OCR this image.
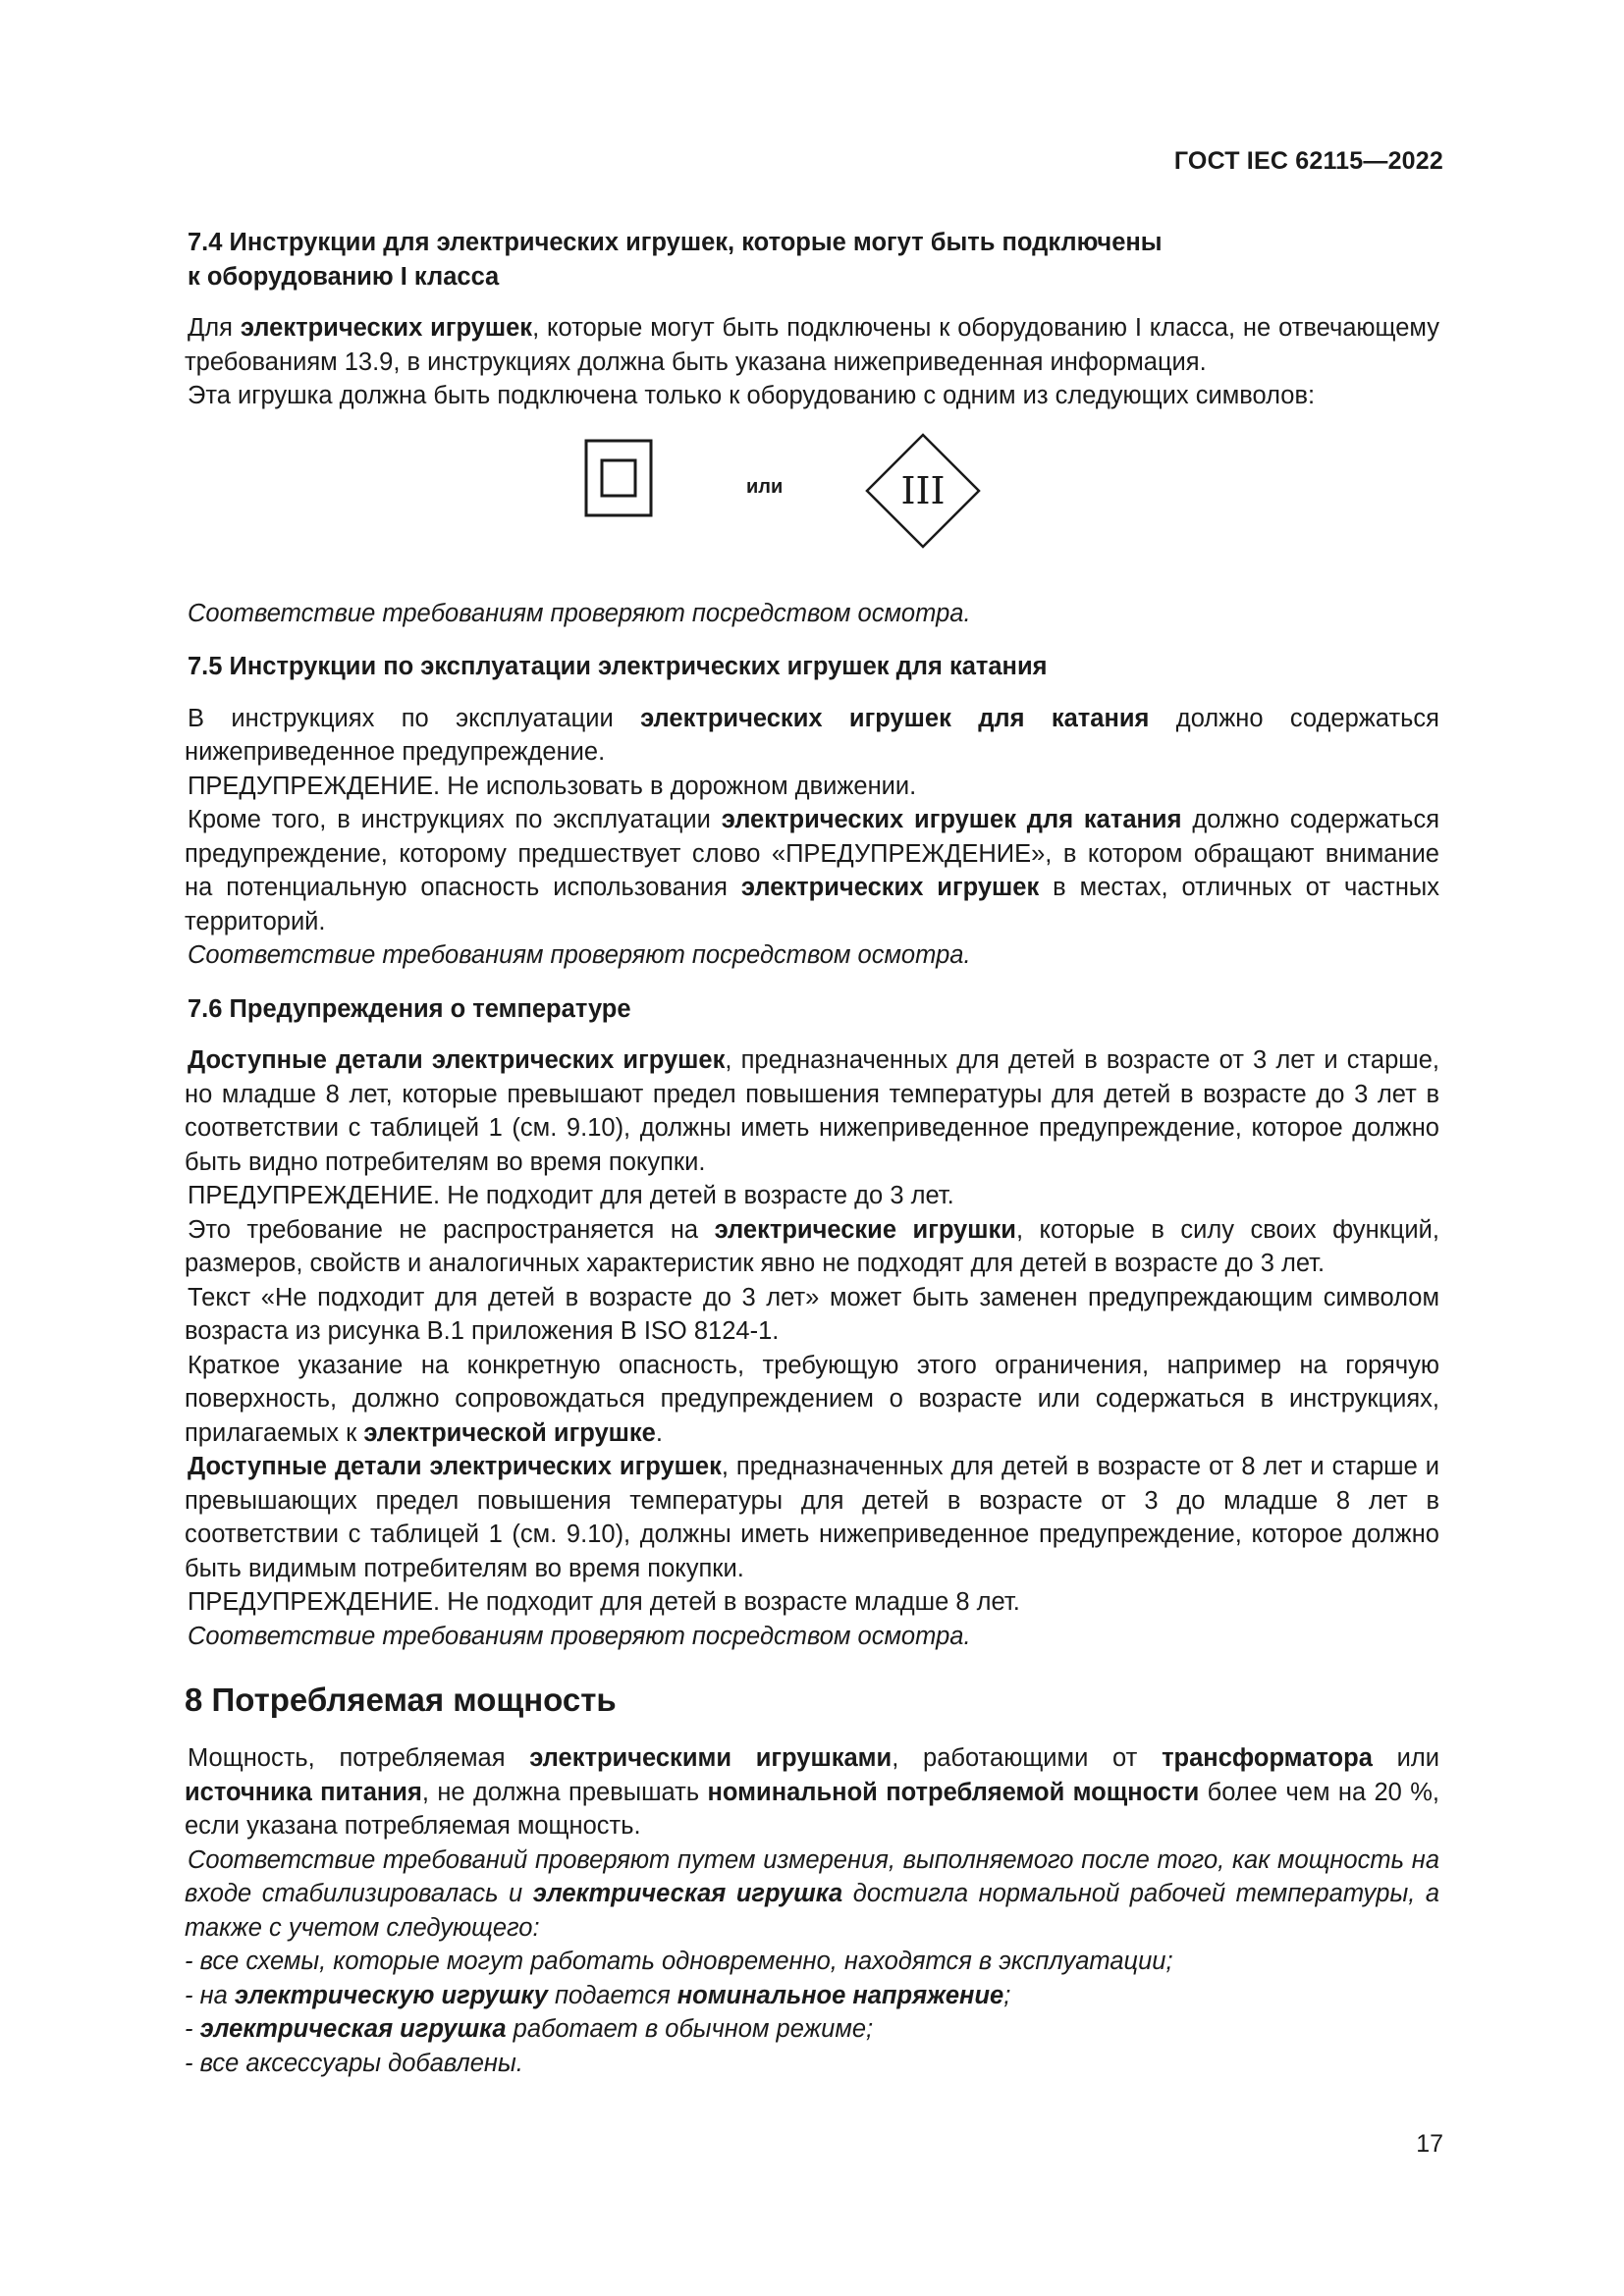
ГОСТ IEC 62115—2022
7.4 Инструкции для электрических игрушек, которые могут быть подключены
к оборудованию I класса

Для электрических игрушек, которые могут быть подключены к оборудованию I класса, не отвечающему требованиям 13.9, в инструкциях должна быть указана нижеприведенная информация.

Эта игрушка должна быть подключена только к оборудованию с одним из следующих символов:

или	III

Соответствие требованиям проверяют посредством осмотра.

7.5 Инструкции по эксплуатации электрических игрушек для катания

В инструкциях по эксплуатации электрических игрушек для катания должно содержаться нижеприведенное предупреждение.

ПРЕДУПРЕЖДЕНИЕ. Не использовать в дорожном движении.

Кроме того, в инструкциях по эксплуатации электрических игрушек для катания должно содержаться предупреждение, которому предшествует слово «ПРЕДУПРЕЖДЕНИЕ», в котором обращают внимание на потенциальную опасность использования электрических игрушек в местах, отличных от частных территорий.

Соответствие требованиям проверяют посредством осмотра.

7.6 Предупреждения о температуре

Доступные детали электрических игрушек, предназначенных для детей в возрасте от 3 лет и старше, но младше 8 лет, которые превышают предел повышения температуры для детей в возрасте до 3 лет в соответствии с таблицей 1 (см. 9.10), должны иметь нижеприведенное предупреждение, которое должно быть видно потребителям во время покупки.

ПРЕДУПРЕЖДЕНИЕ. Не подходит для детей в возрасте до 3 лет.

Это требование не распространяется на электрические игрушки, которые в силу своих функций, размеров, свойств и аналогичных характеристик явно не подходят для детей в возрасте до 3 лет.

Текст «Не подходит для детей в возрасте до 3 лет» может быть заменен предупреждающим символом возраста из рисунка B.1 приложения В ISO 8124-1.

Краткое указание на конкретную опасность, требующую этого ограничения, например на горячую поверхность, должно сопровождаться предупреждением о возрасте или содержаться в инструкциях, прилагаемых к электрической игрушке.

Доступные детали электрических игрушек, предназначенных для детей в возрасте от 8 лет и старше и превышающих предел повышения температуры для детей в возрасте от 3 до младше 8 лет в соответствии с таблицей 1 (см. 9.10), должны иметь нижеприведенное предупреждение, которое должно быть видимым потребителям во время покупки.

ПРЕДУПРЕЖДЕНИЕ. Не подходит для детей в возрасте младше 8 лет.

Соответствие требованиям проверяют посредством осмотра.

8 Потребляемая мощность

Мощность, потребляемая электрическими игрушками, работающими от трансформатора или источника питания, не должна превышать номинальной потребляемой мощности более чем на 20 %, если указана потребляемая мощность.

Соответствие требований проверяют путем измерения, выполняемого после того, как мощность на входе стабилизировалась и электрическая игрушка достигла нормальной рабочей температуры, а также с учетом следующего:

- все схемы, которые могут работать одновременно, находятся в эксплуатации;
- на электрическую игрушку подается номинальное напряжение;
- электрическая игрушка работает в обычном режиме;
- все аксессуары добавлены.
17
